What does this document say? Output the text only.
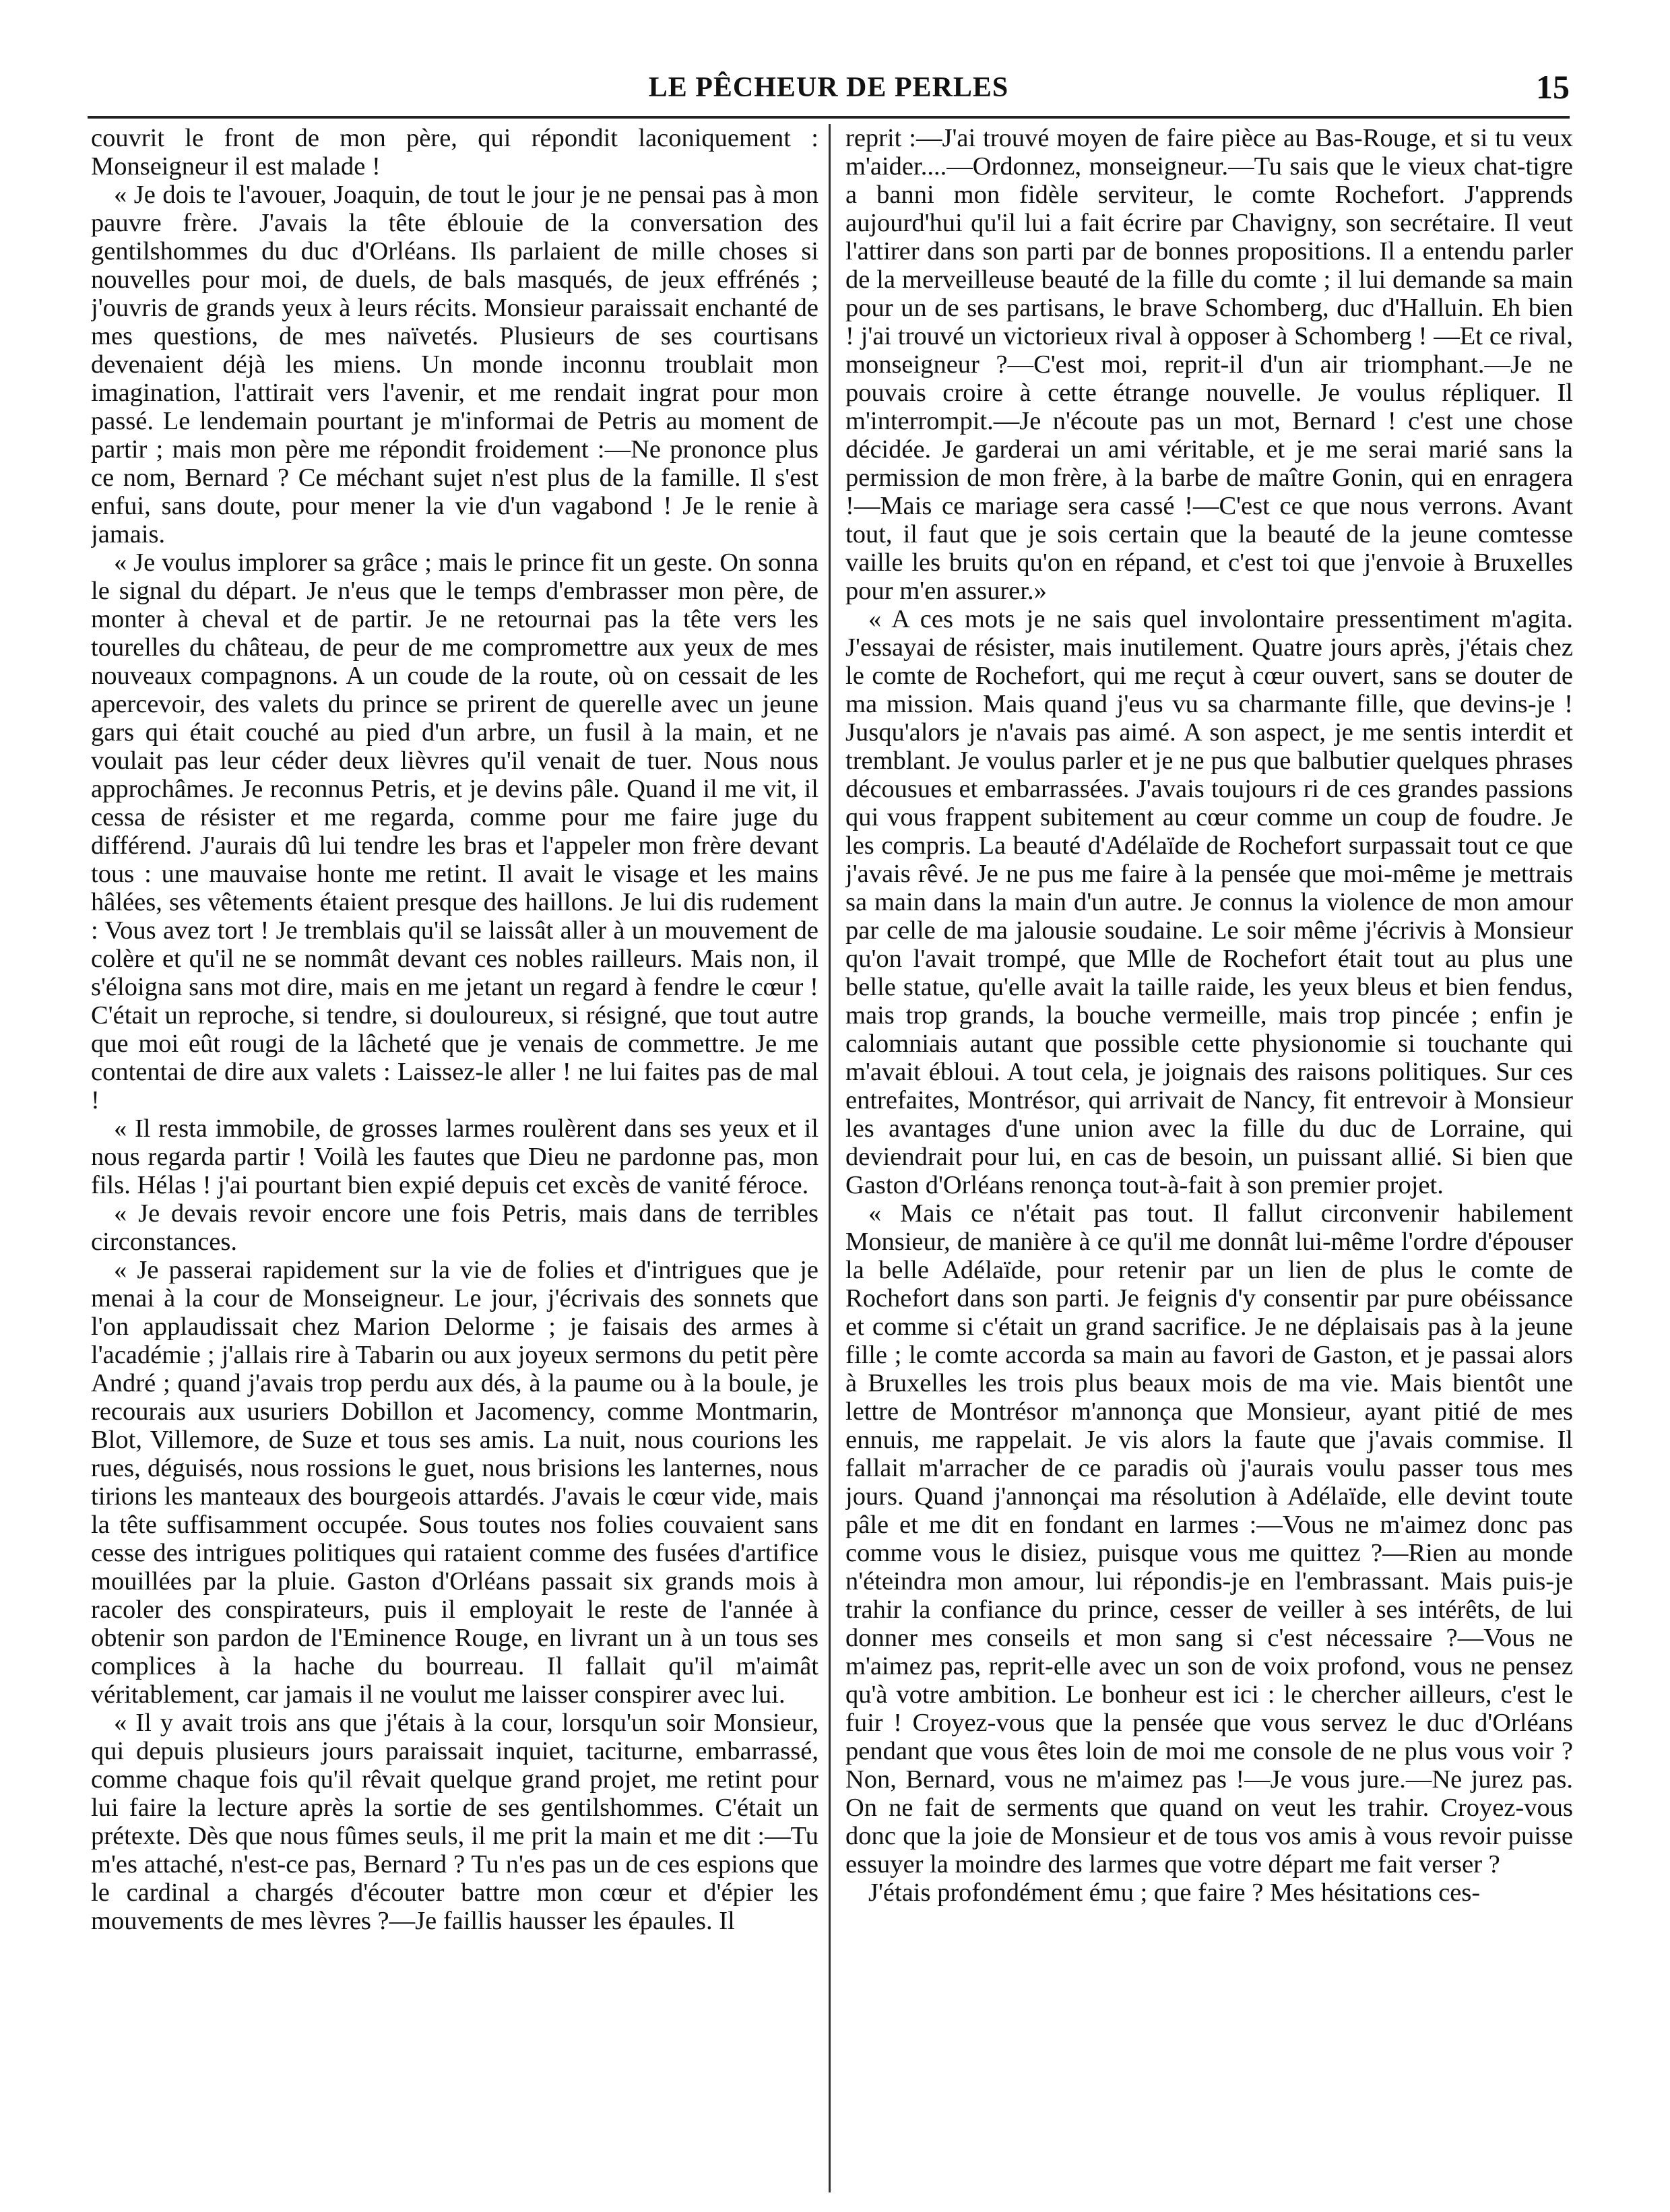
LE PÊCHEUR DE PERLES	15

couvrit le front de mon père, qui répondit laconiquement : Monseigneur il est malade !

« Je dois te l'avouer, Joaquin, de tout le jour je ne pensai pas à mon pauvre frère. J'avais la tête éblouie de la conversation des gentilshommes du duc d'Orléans. Ils parlaient de mille choses si nouvelles pour moi, de duels, de bals masqués, de jeux effrénés ; j'ouvris de grands yeux à leurs récits. Monsieur paraissait enchanté de mes questions, de mes naïvetés. Plusieurs de ses courtisans devenaient déjà les miens. Un monde inconnu troublait mon imagination, l'attirait vers l'avenir, et me rendait ingrat pour mon passé. Le lendemain pourtant je m'informai de Petris au moment de partir ; mais mon père me répondit froidement :—Ne prononce plus ce nom, Bernard ? Ce méchant sujet n'est plus de la famille. Il s'est enfui, sans doute, pour mener la vie d'un vagabond ! Je le renie à jamais.

« Je voulus implorer sa grâce ; mais le prince fit un geste. On sonna le signal du départ. Je n'eus que le temps d'embrasser mon père, de monter à cheval et de partir. Je ne retournai pas la tête vers les tourelles du château, de peur de me compromettre aux yeux de mes nouveaux compagnons. A un coude de la route, où on cessait de les apercevoir, des valets du prince se prirent de querelle avec un jeune gars qui était couché au pied d'un arbre, un fusil à la main, et ne voulait pas leur céder deux lièvres qu'il venait de tuer. Nous nous approchâmes. Je reconnus Petris, et je devins pâle. Quand il me vit, il cessa de résister et me regarda, comme pour me faire juge du différend. J'aurais dû lui tendre les bras et l'appeler mon frère devant tous : une mauvaise honte me retint. Il avait le visage et les mains hâlées, ses vêtements étaient presque des haillons. Je lui dis rudement : Vous avez tort ! Je tremblais qu'il se laissât aller à un mouvement de colère et qu'il ne se nommât devant ces nobles railleurs. Mais non, il s'éloigna sans mot dire, mais en me jetant un regard à fendre le cœur ! C'était un reproche, si tendre, si douloureux, si résigné, que tout autre que moi eût rougi de la lâcheté que je venais de commettre. Je me contentai de dire aux valets : Laissez-le aller ! ne lui faites pas de mal !

« Il resta immobile, de grosses larmes roulèrent dans ses yeux et il nous regarda partir ! Voilà les fautes que Dieu ne pardonne pas, mon fils. Hélas ! j'ai pourtant bien expié depuis cet excès de vanité féroce.

« Je devais revoir encore une fois Petris, mais dans de terribles circonstances.

« Je passerai rapidement sur la vie de folies et d'intrigues que je menai à la cour de Monseigneur. Le jour, j'écrivais des sonnets que l'on applaudissait chez Marion Delorme ; je faisais des armes à l'académie ; j'allais rire à Tabarin ou aux joyeux sermons du petit père André ; quand j'avais trop perdu aux dés, à la paume ou à la boule, je recourais aux usuriers Dobillon et Jacomency, comme Montmarin, Blot, Villemore, de Suze et tous ses amis. La nuit, nous courions les rues, déguisés, nous rossions le guet, nous brisions les lanternes, nous tirions les manteaux des bourgeois attardés. J'avais le cœur vide, mais la tête suffisamment occupée. Sous toutes nos folies couvaient sans cesse des intrigues politiques qui rataient comme des fusées d'artifice mouillées par la pluie. Gaston d'Orléans passait six grands mois à racoler des conspirateurs, puis il employait le reste de l'année à obtenir son pardon de l'Eminence Rouge, en livrant un à un tous ses complices à la hache du bourreau. Il fallait qu'il m'aimât véritablement, car jamais il ne voulut me laisser conspirer avec lui.

« Il y avait trois ans que j'étais à la cour, lorsqu'un soir Monsieur, qui depuis plusieurs jours paraissait inquiet, taciturne, embarrassé, comme chaque fois qu'il rêvait quelque grand projet, me retint pour lui faire la lecture après la sortie de ses gentilshommes. C'était un prétexte. Dès que nous fûmes seuls, il me prit la main et me dit :—Tu m'es attaché, n'est-ce pas, Bernard ? Tu n'es pas un de ces espions que le cardinal a chargés d'écouter battre mon cœur et d'épier les mouvements de mes lèvres ?—Je faillis hausser les épaules. Il

reprit :—J'ai trouvé moyen de faire pièce au Bas-Rouge, et si tu veux m'aider....—Ordonnez, monseigneur.—Tu sais que le vieux chat-tigre a banni mon fidèle serviteur, le comte Rochefort. J'apprends aujourd'hui qu'il lui a fait écrire par Chavigny, son secrétaire. Il veut l'attirer dans son parti par de bonnes propositions. Il a entendu parler de la merveilleuse beauté de la fille du comte ; il lui demande sa main pour un de ses partisans, le brave Schomberg, duc d'Halluin. Eh bien ! j'ai trouvé un victorieux rival à opposer à Schomberg ! —Et ce rival, monseigneur ?—C'est moi, reprit-il d'un air triomphant.—Je ne pouvais croire à cette étrange nouvelle. Je voulus répliquer. Il m'interrompit.—Je n'écoute pas un mot, Bernard ! c'est une chose décidée. Je garderai un ami véritable, et je me serai marié sans la permission de mon frère, à la barbe de maître Gonin, qui en enragera !—Mais ce mariage sera cassé !—C'est ce que nous verrons. Avant tout, il faut que je sois certain que la beauté de la jeune comtesse vaille les bruits qu'on en répand, et c'est toi que j'envoie à Bruxelles pour m'en assurer.»

« A ces mots je ne sais quel involontaire pressentiment m'agita. J'essayai de résister, mais inutilement. Quatre jours après, j'étais chez le comte de Rochefort, qui me reçut à cœur ouvert, sans se douter de ma mission. Mais quand j'eus vu sa charmante fille, que devins-je ! Jusqu'alors je n'avais pas aimé. A son aspect, je me sentis interdit et tremblant. Je voulus parler et je ne pus que balbutier quelques phrases décousues et embarrassées. J'avais toujours ri de ces grandes passions qui vous frappent subitement au cœur comme un coup de foudre. Je les compris. La beauté d'Adélaïde de Rochefort surpassait tout ce que j'avais rêvé. Je ne pus me faire à la pensée que moi-même je mettrais sa main dans la main d'un autre. Je connus la violence de mon amour par celle de ma jalousie soudaine. Le soir même j'écrivis à Monsieur qu'on l'avait trompé, que Mlle de Rochefort était tout au plus une belle statue, qu'elle avait la taille raide, les yeux bleus et bien fendus, mais trop grands, la bouche vermeille, mais trop pincée ; enfin je calomniais autant que possible cette physionomie si touchante qui m'avait ébloui. A tout cela, je joignais des raisons politiques. Sur ces entrefaites, Montrésor, qui arrivait de Nancy, fit entrevoir à Monsieur les avantages d'une union avec la fille du duc de Lorraine, qui deviendrait pour lui, en cas de besoin, un puissant allié. Si bien que Gaston d'Orléans renonça tout-à-fait à son premier projet.

« Mais ce n'était pas tout. Il fallut circonvenir habilement Monsieur, de manière à ce qu'il me donnât lui-même l'ordre d'épouser la belle Adélaïde, pour retenir par un lien de plus le comte de Rochefort dans son parti. Je feignis d'y consentir par pure obéissance et comme si c'était un grand sacrifice. Je ne déplaisais pas à la jeune fille ; le comte accorda sa main au favori de Gaston, et je passai alors à Bruxelles les trois plus beaux mois de ma vie. Mais bientôt une lettre de Montrésor m'annonça que Monsieur, ayant pitié de mes ennuis, me rappelait. Je vis alors la faute que j'avais commise. Il fallait m'arracher de ce paradis où j'aurais voulu passer tous mes jours. Quand j'annonçai ma résolution à Adélaïde, elle devint toute pâle et me dit en fondant en larmes :—Vous ne m'aimez donc pas comme vous le disiez, puisque vous me quittez ?—Rien au monde n'éteindra mon amour, lui répondis-je en l'embrassant. Mais puis-je trahir la confiance du prince, cesser de veiller à ses intérêts, de lui donner mes conseils et mon sang si c'est nécessaire ?—Vous ne m'aimez pas, reprit-elle avec un son de voix profond, vous ne pensez qu'à votre ambition. Le bonheur est ici : le chercher ailleurs, c'est le fuir ! Croyez-vous que la pensée que vous servez le duc d'Orléans pendant que vous êtes loin de moi me console de ne plus vous voir ? Non, Bernard, vous ne m'aimez pas !—Je vous jure.—Ne jurez pas. On ne fait de serments que quand on veut les trahir. Croyez-vous donc que la joie de Monsieur et de tous vos amis à vous revoir puisse essuyer la moindre des larmes que votre départ me fait verser ?

J'étais profondément ému ; que faire ? Mes hésitations ces-
